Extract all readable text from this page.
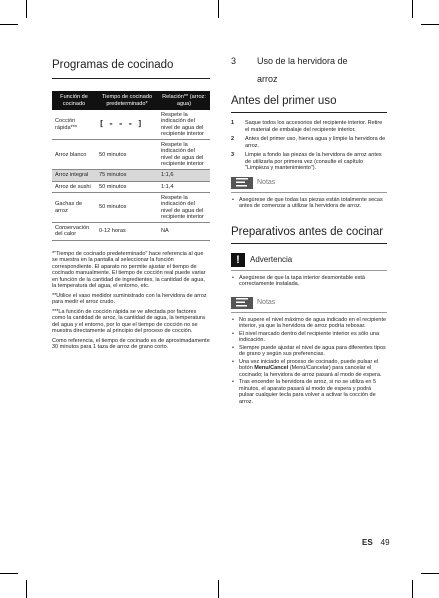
Programas de cocinado
Función de cocinado	Tiempo de cocinado predeterminado*	Relación** (arroz: agua)
Cocción rápida***	[ - - - ]	Respete la indicación del nivel de agua del recipiente interior
Arroz blanco	50 minutos	Respete la indicación del nivel de agua del recipiente interior
Arroz integral	75 minutos	1:1,6
Arroz de sushi	50 minutos	1:1,4
Gachas de arroz	50 minutos	Respete la indicación del nivel de agua del recipiente interior
Conservación del calor	0-12 horas	NA

*"Tiempo de cocinado predeterminado" hace referencia al que se muestra en la pantalla al seleccionar la función correspondiente. El aparato no permite ajustar el tiempo de cocinado manualmente. El tiempo de cocción real puede variar en función de la cantidad de ingredientes, la cantidad de agua, la temperatura del agua, el entorno, etc.

**Utilice el vaso medidor suministrado con la hervidora de arroz para medir el arroz crudo.

***La función de cocción rápida se ve afectada por factores como la cantidad de arroz, la cantidad de agua, la temperatura del agua y el entorno, por lo que el tiempo de cocción no se muestra directamente al principio del proceso de cocción.

Como referencia, el tiempo de cocinado es de aproximadamente 30 minutos para 1 taza de arroz de grano corto.

3 Uso de la hervidora de
arroz
Antes del primer uso
1	Saque todos los accesorios del recipiente interior. Retire el material de embalaje del recipiente interior.
2	Antes del primer uso, hierva agua y limpie la hervidora de arroz.
3	Limpie a fondo las piezas de la hervidora de arroz antes de utilizarla por primera vez (consulte el capítulo "Limpieza y mantenimiento").
Notas
• Asegúrese de que todas las piezas están totalmente secas antes de comenzar a utilizar la hervidora de arroz.
Preparativos antes de cocinar
!	Advertencia
• Asegúrese de que la tapa interior desmontable está correctamente instalada.
Notas
• No supere el nivel máximo de agua indicado en el recipiente interior, ya que la hervidora de arroz podría rebosar.
• El nivel marcado dentro del recipiente interior es sólo una indicación.
• Siempre puede ajustar el nivel de agua para diferentes tipos de grano y según sus preferencias.
• Una vez iniciado el proceso de cocinado, puede pulsar el botón Menu/Cancel (Menú/Cancelar) para cancelar el cocinado; la hervidora de arroz pasará al modo de espera.
• Tras encender la hervidora de arroz, si no se utiliza en 5 minutos, el aparato pasará al modo de espera y podrá pulsar cualquier tecla para volver a activar la cocción de arroz.
ES 49
